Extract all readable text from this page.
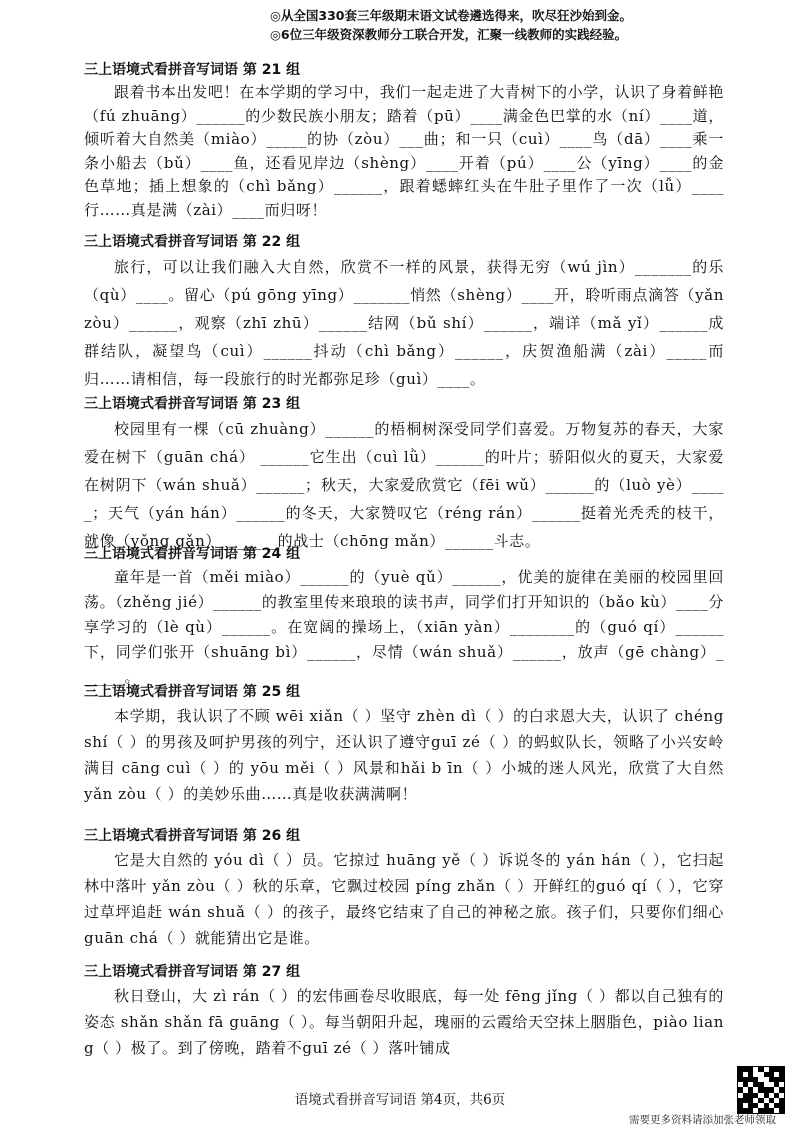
◎从全国330套三年级期末语文试卷遴选得来，吹尽狂沙始到金。
◎6位三年级资深教师分工联合开发，汇聚一线教师的实践经验。
三上语境式看拼音写词语 第 21 组
跟着书本出发吧！在本学期的学习中，我们一起走进了大青树下的小学，认识了身着鲜艳（fú zhuāng）______的少数民族小朋友；踏着（pū）____满金色巴掌的水（ní）____道，倾听着大自然美（miào）_____的协（zòu）___曲；和一只（cuì）____鸟（dā）____乘一条小船去（bǔ）____鱼，还看见岸边（shèng）____开着（pú）____公（yīng）____的金色草地；插上想象的（chì bǎng）______，跟着蟋蟀红头在牛肚子里作了一次（lǚ）____行……真是满（zài）____而归呀！
三上语境式看拼音写词语 第 22 组
旅行，可以让我们融入大自然，欣赏不一样的风景，获得无穷（wú jìn）_______的乐（qù）____。留心（pú gōng yīng）_______悄然（shèng）____开，聆听雨点滴答（yǎn zòu）______，观察（zhī zhū）______结网（bǔ shí）______，端详（mǎ yǐ）______成群结队，凝望鸟（cuì）______抖动（chì bǎng）______，庆贺渔船满（zài）_____而归……请相信，每一段旅行的时光都弥足珍（guì）____。
三上语境式看拼音写词语 第 23 组
校园里有一棵（cū zhuàng）______的梧桐树深受同学们喜爱。万物复苏的春天，大家爱在树下（guān chá） ______它生出（cuì lǜ）______的叶片；骄阳似火的夏天，大家爱在树阴下（wán shuǎ）______；秋天，大家爱欣赏它（fēi wǔ）______的（luò yè）_____；天气（yán hán）______的冬天，大家赞叹它（réng rán）______挺着光秃秃的枝干，就像（yǒng gǎn）_______的战士（chōng mǎn）______斗志。
三上语境式看拼音写词语 第 24 组
童年是一首（měi miào）______的（yuè qǔ）______，优美的旋律在美丽的校园里回荡。（zhěng jié）______的教室里传来琅琅的读书声，同学们打开知识的（bǎo kù）____分享学习的（lè qù）______。在宽阔的操场上，（xiān yàn）________的（guó qí）______下，同学们张开（shuāng bì）______，尽情（wán shuǎ）______，放声（gē chàng）______。
三上语境式看拼音写词语 第 25 组
本学期，我认识了不顾 wēi xiǎn（ ）坚守 zhèn dì（ ）的白求恩大夫，认识了 chéng shí（ ）的男孩及呵护男孩的列宁，还认识了遵守guī zé（ ）的蚂蚁队长，领略了小兴安岭满目 cāng cuì（ ）的 yōu měi（ ）风景和hǎi b īn（ ）小城的迷人风光，欣赏了大自然 yǎn zòu（ ）的美妙乐曲……真是收获满满啊！
三上语境式看拼音写词语 第 26 组
它是大自然的 yóu dì（ ）员。它掠过 huāng yě（ ）诉说冬的 yán hán（ ），它扫起林中落叶 yǎn zòu（ ）秋的乐章，它飘过校园 píng zhǎn（ ）开鲜红的guó qí（ ），它穿过草坪追赶 wán shuǎ（ ）的孩子，最终它结束了自己的神秘之旅。孩子们，只要你们细心guān chá（ ）就能猜出它是谁。
三上语境式看拼音写词语 第 27 组
秋日登山，大 zì rán（ ）的宏伟画卷尽收眼底，每一处 fēng jǐng（ ）都以自己独有的姿态 shǎn shǎn fā guāng（ ）。每当朝阳升起，瑰丽的云霞给天空抹上胭脂色，piào liang（ ）极了。到了傍晚，踏着不guī zé（ ）落叶铺成
语境式看拼音写词语 第4页，共6页
需要更多资料请添加张老师领取
